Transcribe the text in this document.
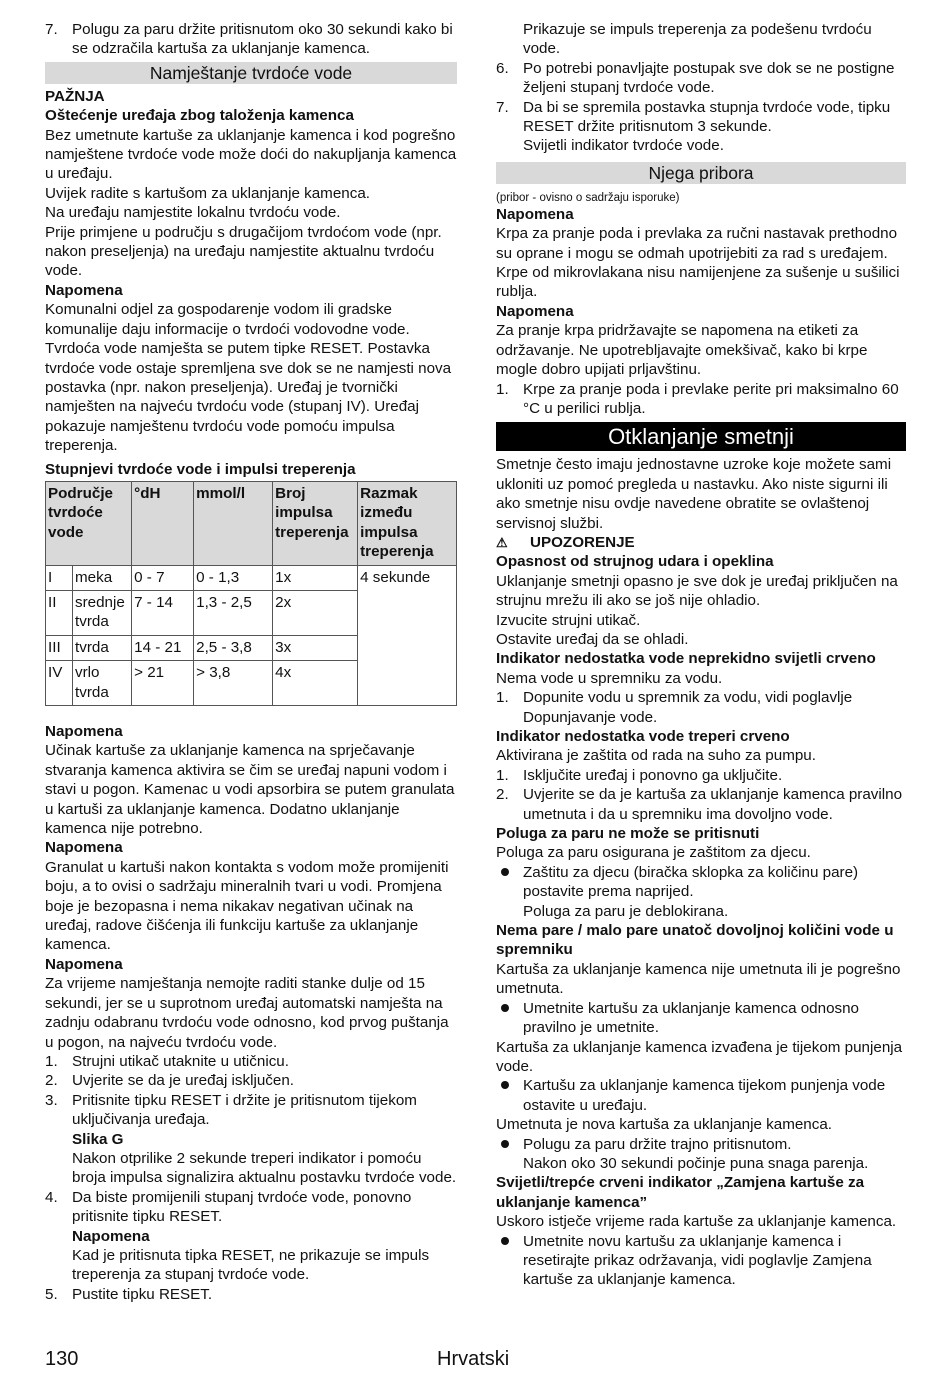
7. Polugu za paru držite pritisnutom oko 30 sekundi kako bi se odzračila kartuša za uklanjanje kamenca.
Namještanje tvrdoće vode

PAŽNJA

Oštećenje uređaja zbog taloženja kamenca

Bez umetnute kartuše za uklanjanje kamenca i kod pogrešno namještene tvrdoće vode može doći do nakupljanja kamenca u uređaju.

Uvijek radite s kartušom za uklanjanje kamenca.

Na uređaju namjestite lokalnu tvrdoću vode.

Prije primjene u području s drugačijom tvrdoćom vode (npr. nakon preseljenja) na uređaju namjestite aktualnu tvrdoću vode.

Napomena

Komunalni odjel za gospodarenje vodom ili gradske komunalije daju informacije o tvrdoći vodovodne vode.

Tvrdoća vode namješta se putem tipke RESET. Postavka tvrdoće vode ostaje spremljena sve dok se ne namjesti nova postavka (npr. nakon preseljenja). Uređaj je tvornički namješten na najveću tvrdoću vode (stupanj IV). Uređaj pokazuje namještenu tvrdoću vode pomoću impulsa treperenja.

Stupnjevi tvrdoće vode i impulsi treperenja

Područje tvrdoće vode		°dH	mmol/l	Broj impulsa treperenja	Razmak između impulsa treperenja
I	meka	0 - 7	0 - 1,3	1x	4 sekunde
II	srednje tvrda	7 - 14	1,3 - 2,5	2x	
III	tvrda	14 - 21	2,5 - 3,8	3x	
IV	vrlo tvrda	> 21	> 3,8	4x	

Napomena

Učinak kartuše za uklanjanje kamenca na sprječavanje stvaranja kamenca aktivira se čim se uređaj napuni vodom i stavi u pogon. Kamenac u vodi apsorbira se putem granulata u kartuši za uklanjanje kamenca. Dodatno uklanjanje kamenca nije potrebno.

Napomena

Granulat u kartuši nakon kontakta s vodom može promijeniti boju, a to ovisi o sadržaju mineralnih tvari u vodi. Promjena boje je bezopasna i nema nikakav negativan učinak na uređaj, radove čišćenja ili funkciju kartuše za uklanjanje kamenca.

Napomena

Za vrijeme namještanja nemojte raditi stanke dulje od 15 sekundi, jer se u suprotnom uređaj automatski namješta na zadnju odabranu tvrdoću vode odnosno, kod prvog puštanja u pogon, na najveću tvrdoću vode.

1. Strujni utikač utaknite u utičnicu.
2. Uvjerite se da je uređaj isključen.
3. Pritisnite tipku RESET i držite je pritisnutom tijekom uključivanja uređaja.

Slika G

Nakon otprilike 2 sekunde treperi indikator i pomoću broja impulsa signalizira aktualnu postavku tvrdoće vode.

4. Da biste promijenili stupanj tvrdoće vode, ponovno pritisnite tipku RESET.

Napomena

Kad je pritisnuta tipka RESET, ne prikazuje se impuls treperenja za stupanj tvrdoće vode.

5. Pustite tipku RESET.

Prikazuje se impuls treperenja za podešenu tvrdoću vode.

6. Po potrebi ponavljajte postupak sve dok se ne postigne željeni stupanj tvrdoće vode.
7. Da bi se spremila postavka stupnja tvrdoće vode, tipku RESET držite pritisnutom 3 sekunde.

Svijetli indikator tvrdoće vode.

Njega pribora

(pribor - ovisno o sadržaju isporuke)

Napomena

Krpa za pranje poda i prevlaka za ručni nastavak prethodno su oprane i mogu se odmah upotrijebiti za rad s uređajem. Krpe od mikrovlakana nisu namijenjene za sušenje u sušilici rublja.

Napomena

Za pranje krpa pridržavajte se napomena na etiketi za održavanje. Ne upotrebljavajte omekšivač, kako bi krpe mogle dobro upijati prljavštinu.

1. Krpe za pranje poda i prevlake perite pri maksimalno 60 °C u perilici rublja.
Otklanjanje smetnji

Smetnje često imaju jednostavne uzroke koje možete sami ukloniti uz pomoć pregleda u nastavku. Ako niste sigurni ili ako smetnje nisu ovdje navedene obratite se ovlaštenoj servisnoj službi.

⚠	UPOZORENJE

Opasnost od strujnog udara i opeklina

Uklanjanje smetnji opasno je sve dok je uređaj priključen na strujnu mrežu ili ako se još nije ohladio.

Izvucite strujni utikač.

Ostavite uređaj da se ohladi.

Indikator nedostatka vode neprekidno svijetli crveno

Nema vode u spremniku za vodu.

1. Dopunite vodu u spremnik za vodu, vidi poglavlje Dopunjavanje vode.

Indikator nedostatka vode treperi crveno

Aktivirana je zaštita od rada na suho za pumpu.

1. Isključite uređaj i ponovno ga uključite.
2. Uvjerite se da je kartuša za uklanjanje kamenca pravilno umetnuta i da u spremniku ima dovoljno vode.

Poluga za paru ne može se pritisnuti

Poluga za paru osigurana je zaštitom za djecu.

Zaštitu za djecu (biračka sklopka za količinu pare) postavite prema naprijed.

Poluga za paru je deblokirana.

Nema pare / malo pare unatoč dovoljnoj količini vode u spremniku

Kartuša za uklanjanje kamenca nije umetnuta ili je pogrešno umetnuta.

Umetnite kartušu za uklanjanje kamenca odnosno pravilno je umetnite.

Kartuša za uklanjanje kamenca izvađena je tijekom punjenja vode.

Kartušu za uklanjanje kamenca tijekom punjenja vode ostavite u uređaju.

Umetnuta je nova kartuša za uklanjanje kamenca.

Polugu za paru držite trajno pritisnutom.

Nakon oko 30 sekundi počinje puna snaga parenja.

Svijetli/trepće crveni indikator „Zamjena kartuše za uklanjanje kamenca”

Uskoro istječe vrijeme rada kartuše za uklanjanje kamenca.

Umetnite novu kartušu za uklanjanje kamenca i resetirajte prikaz održavanja, vidi poglavlje Zamjena kartuše za uklanjanje kamenca.
130	Hrvatski
